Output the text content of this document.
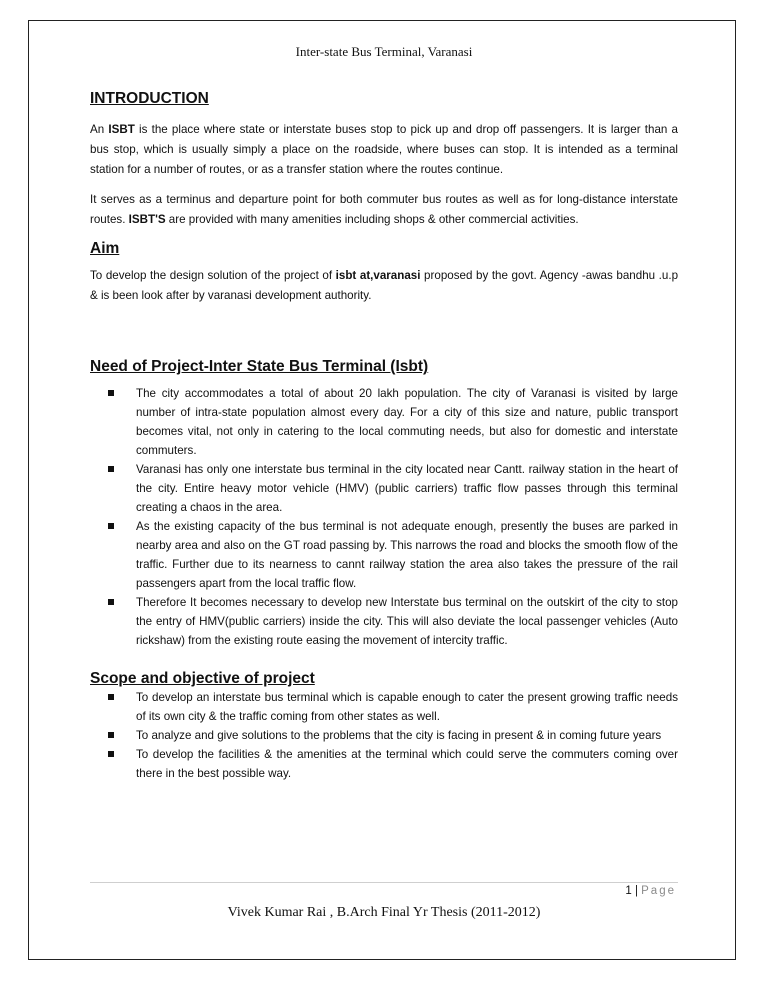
Inter-state Bus Terminal, Varanasi
INTRODUCTION

An ISBT is the place where state or interstate buses stop to pick up and drop off passengers. It is larger than a bus stop, which is usually simply a place on the roadside, where buses can stop. It is intended as a terminal station for a number of routes, or as a transfer station where the routes continue.

It serves as a terminus and departure point for both commuter bus routes as well as for long-distance interstate routes. ISBT'S are provided with many amenities including shops & other commercial activities.

Aim

To develop the design solution of the project of isbt at,varanasi proposed by the govt. Agency -awas bandhu .u.p & is been look after by varanasi development authority.

Need of Project-Inter State Bus Terminal (Isbt)
The city accommodates a total of about 20 lakh population. The city of Varanasi is visited by large number of intra-state population almost every day. For a city of this size and nature, public transport becomes vital, not only in catering to the local commuting needs, but also for domestic and interstate commuters.
Varanasi has only one interstate bus terminal in the city located near Cantt. railway station in the heart of the city. Entire heavy motor vehicle (HMV) (public carriers) traffic flow passes through this terminal creating a chaos in the area.
As the existing capacity of the bus terminal is not adequate enough, presently the buses are parked in nearby area and also on the GT road passing by. This narrows the road and blocks the smooth flow of the traffic. Further due to its nearness to cannt railway station the area also takes the pressure of the rail passengers apart from the local traffic flow.
Therefore It becomes necessary to develop new Interstate bus terminal on the outskirt of the city to stop the entry of HMV(public carriers) inside the city. This will also deviate the local passenger vehicles (Auto rickshaw) from the existing route easing the movement of intercity traffic.
Scope and objective of project
To develop an interstate bus terminal which is capable enough to cater the present growing traffic needs of its own city & the traffic coming from other states as well.
To analyze and give solutions to the problems that the city is facing in present & in coming future years
To develop the facilities & the amenities at the terminal which could serve the commuters coming over there in the best possible way.
1 | Page
Vivek Kumar Rai , B.Arch Final Yr Thesis (2011-2012)
